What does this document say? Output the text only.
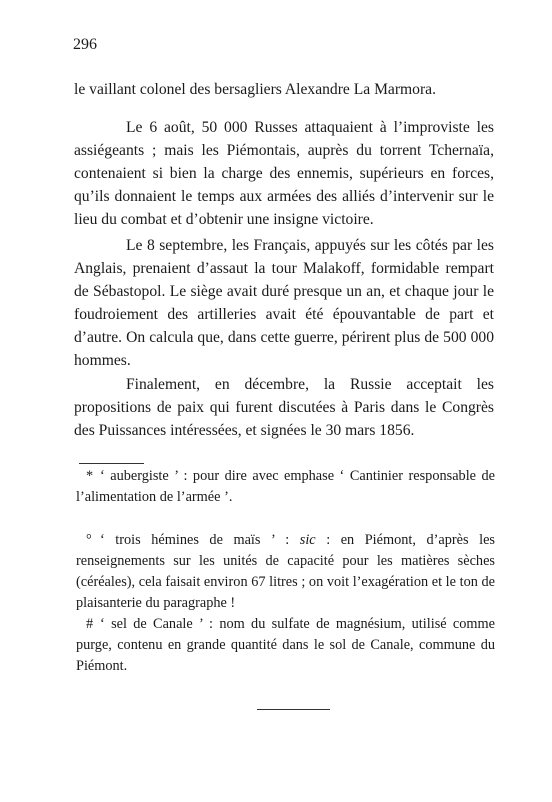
296

le vaillant colonel des bersagliers Alexandre La Marmora.

Le 6 août, 50 000 Russes attaquaient à l’improviste les assiégeants ; mais les Piémontais, auprès du torrent Tchernaïa, contenaient si bien la charge des ennemis, supérieurs en forces, qu’ils donnaient le temps aux armées des alliés d’intervenir sur le lieu du combat et d’obtenir une insigne victoire.

Le 8 septembre, les Français, appuyés sur les côtés par les Anglais, prenaient d’assaut la tour Malakoff, formidable rempart de Sébastopol. Le siège avait duré presque un an, et chaque jour le foudroiement des artilleries avait été épouvantable de part et d’autre. On calcula que, dans cette guerre, périrent plus de 500 000 hommes.

Finalement, en décembre, la Russie acceptait les propositions de paix qui furent discutées à Paris dans le Congrès des Puissances intéressées, et signées le 30 mars 1856.

* ‘ aubergiste ’ : pour dire avec emphase ‘ Cantinier responsable de l’alimentation de l’armée ’.

° ‘ trois hémines de maïs ’ : sic : en Piémont, d’après les renseignements sur les unités de capacité pour les matières sèches (céréales), cela faisait environ 67 litres ; on voit l’exagération et le ton de plaisanterie du paragraphe !

# ‘ sel de Canale ’ : nom du sulfate de magnésium, utilisé comme purge, contenu en grande quantité dans le sol de Canale, commune du Piémont.
